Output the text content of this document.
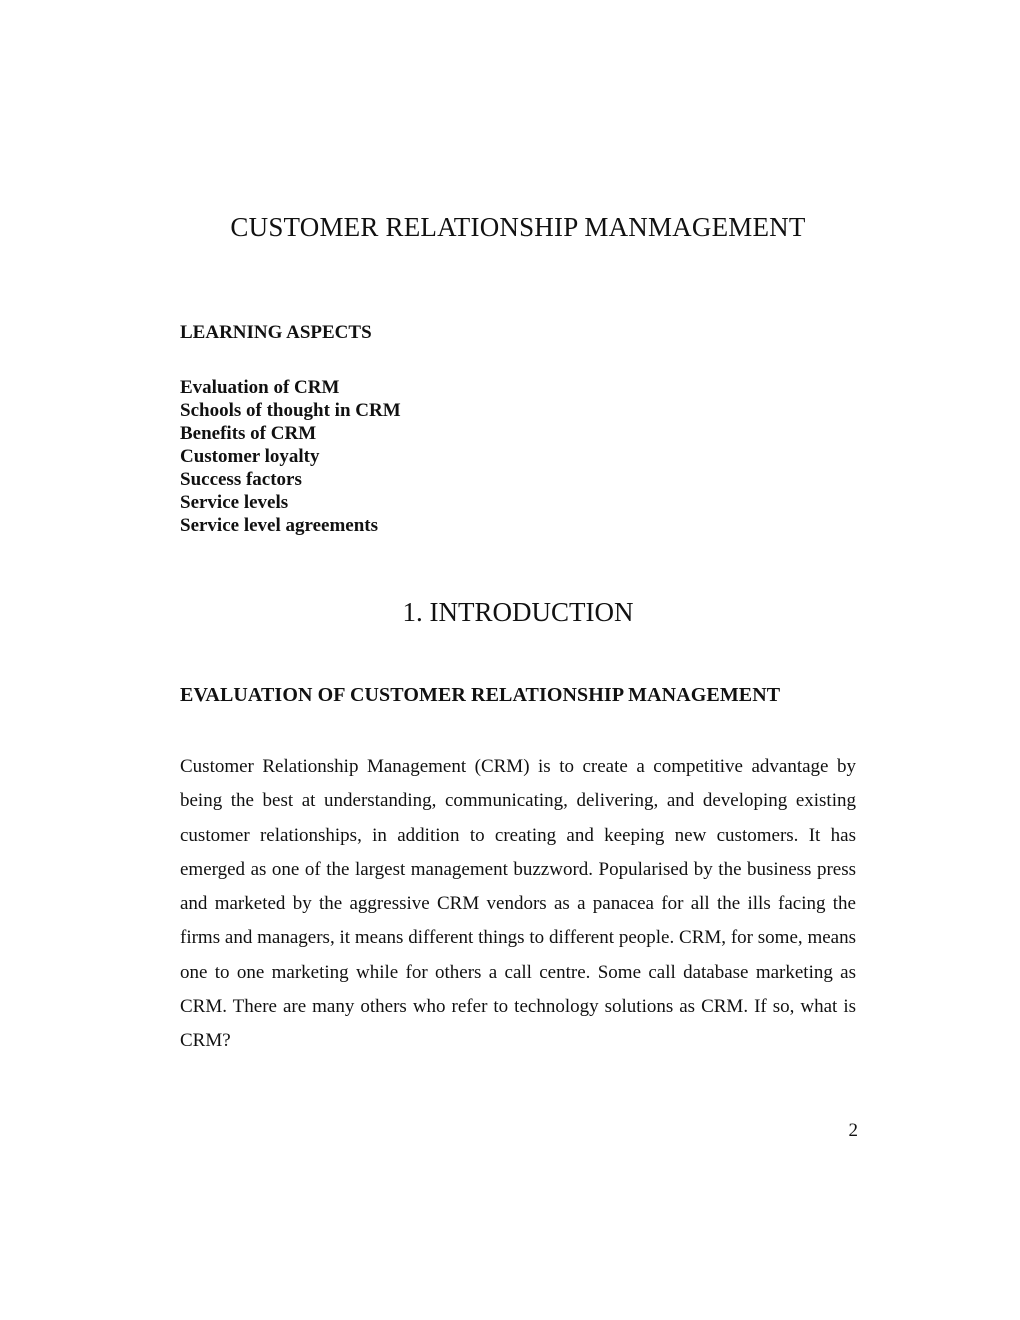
CUSTOMER RELATIONSHIP MANMAGEMENT
LEARNING ASPECTS
Evaluation of CRM
Schools of thought in CRM
Benefits of CRM
Customer loyalty
Success factors
Service levels
Service level agreements
1. INTRODUCTION
EVALUATION OF CUSTOMER RELATIONSHIP MANAGEMENT

Customer Relationship Management (CRM) is to create a competitive advantage by being the best at understanding, communicating, delivering, and developing existing customer relationships, in addition to creating and keeping new customers. It has emerged as one of the largest management buzzword. Popularised by the business press and marketed by the aggressive CRM vendors as a panacea for all the ills facing the firms and managers, it means different things to different people. CRM, for some, means one to one marketing while for others a call centre. Some call database marketing as CRM. There are many others who refer to technology solutions as CRM. If so, what is CRM?

2
